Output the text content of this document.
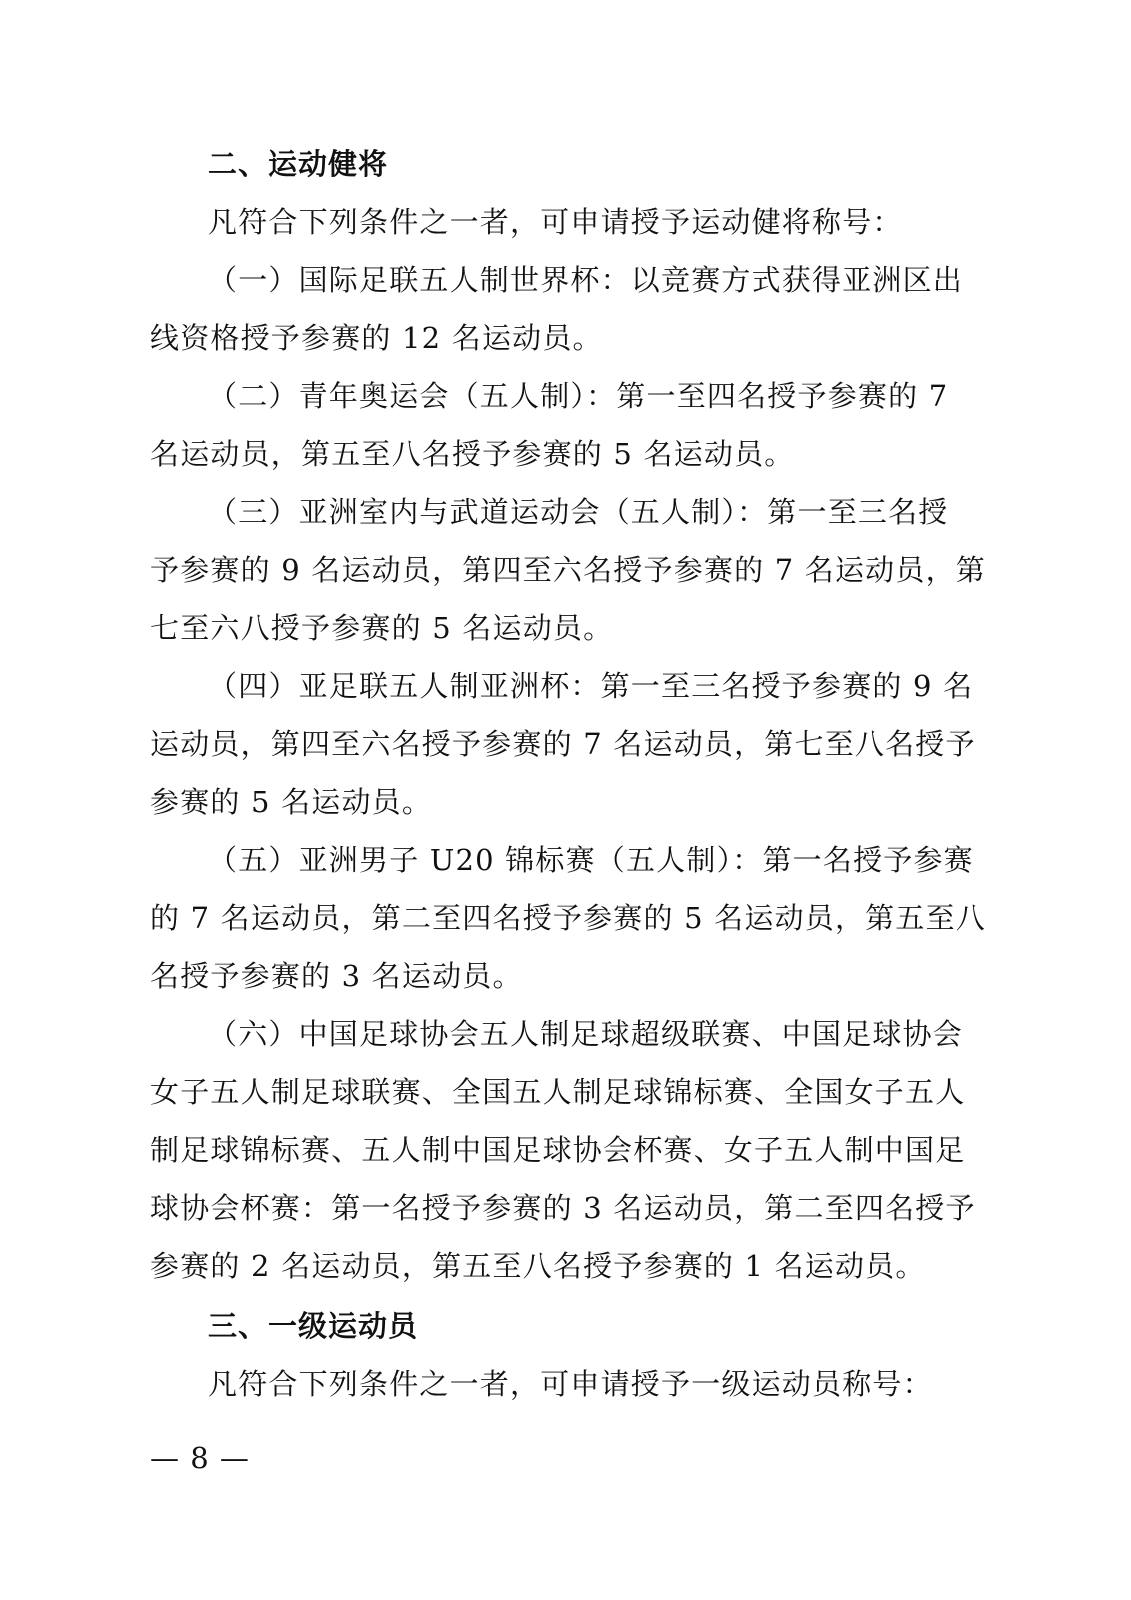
二、运动健将
凡符合下列条件之一者，可申请授予运动健将称号：
（一）国际足联五人制世界杯：以竞赛方式获得亚洲区出
线资格授予参赛的 12 名运动员。
（二）青年奥运会（五人制）：第一至四名授予参赛的 7
名运动员，第五至八名授予参赛的 5 名运动员。
（三）亚洲室内与武道运动会（五人制）：第一至三名授
予参赛的 9 名运动员，第四至六名授予参赛的 7 名运动员，第
七至六八授予参赛的 5 名运动员。
（四）亚足联五人制亚洲杯：第一至三名授予参赛的 9 名
运动员，第四至六名授予参赛的 7 名运动员，第七至八名授予
参赛的 5 名运动员。
（五）亚洲男子 U20 锦标赛（五人制）：第一名授予参赛
的 7 名运动员，第二至四名授予参赛的 5 名运动员，第五至八
名授予参赛的 3 名运动员。
（六）中国足球协会五人制足球超级联赛、中国足球协会
女子五人制足球联赛、全国五人制足球锦标赛、全国女子五人
制足球锦标赛、五人制中国足球协会杯赛、女子五人制中国足
球协会杯赛：第一名授予参赛的 3 名运动员，第二至四名授予
参赛的 2 名运动员，第五至八名授予参赛的 1 名运动员。
三、一级运动员
凡符合下列条件之一者，可申请授予一级运动员称号：
— 8 —
